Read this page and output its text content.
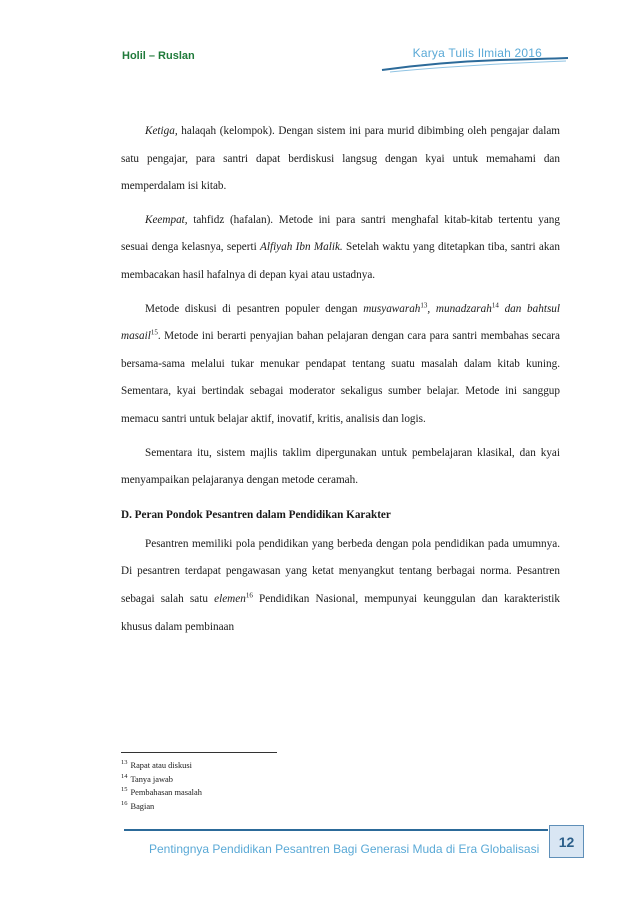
Holil – Ruslan	Karya Tulis Ilmiah 2016

Ketiga, halaqah (kelompok). Dengan sistem ini para murid dibimbing oleh pengajar dalam satu pengajar, para santri dapat berdiskusi langsug dengan kyai untuk memahami dan memperdalam isi kitab.

Keempat, tahfidz (hafalan). Metode ini para santri menghafal kitab-kitab tertentu yang sesuai denga kelasnya, seperti Alfiyah Ibn Malik. Setelah waktu yang ditetapkan tiba, santri akan membacakan hasil hafalnya di depan kyai atau ustadnya.

Metode diskusi di pesantren populer dengan musyawarah$^{13}$, munadzarah$^{14}$ dan bahtsul masail$^{15}$. Metode ini berarti penyajian bahan pelajaran dengan cara para santri membahas secara bersama-sama melalui tukar menukar pendapat tentang suatu masalah dalam kitab kuning. Sementara, kyai bertindak sebagai moderator sekaligus sumber belajar. Metode ini sanggup memacu santri untuk belajar aktif, inovatif, kritis, analisis dan logis.

Sementara itu, sistem majlis taklim dipergunakan untuk pembelajaran klasikal, dan kyai menyampaikan pelajaranya dengan metode ceramah.

D. Peran Pondok Pesantren dalam Pendidikan Karakter

Pesantren memiliki pola pendidikan yang berbeda dengan pola pendidikan pada umumnya. Di pesantren terdapat pengawasan yang ketat menyangkut tentang berbagai norma. Pesantren sebagai salah satu elemen$^{16}$ Pendidikan Nasional, mempunyai keunggulan dan karakteristik khusus dalam pembinaan

$^{13}$ Rapat atau diskusi
$^{14}$ Tanya jawab
$^{15}$ Pembahasan masalah
$^{16}$ Bagian
12
Pentingnya Pendidikan Pesantren Bagi Generasi Muda di Era Globalisasi
